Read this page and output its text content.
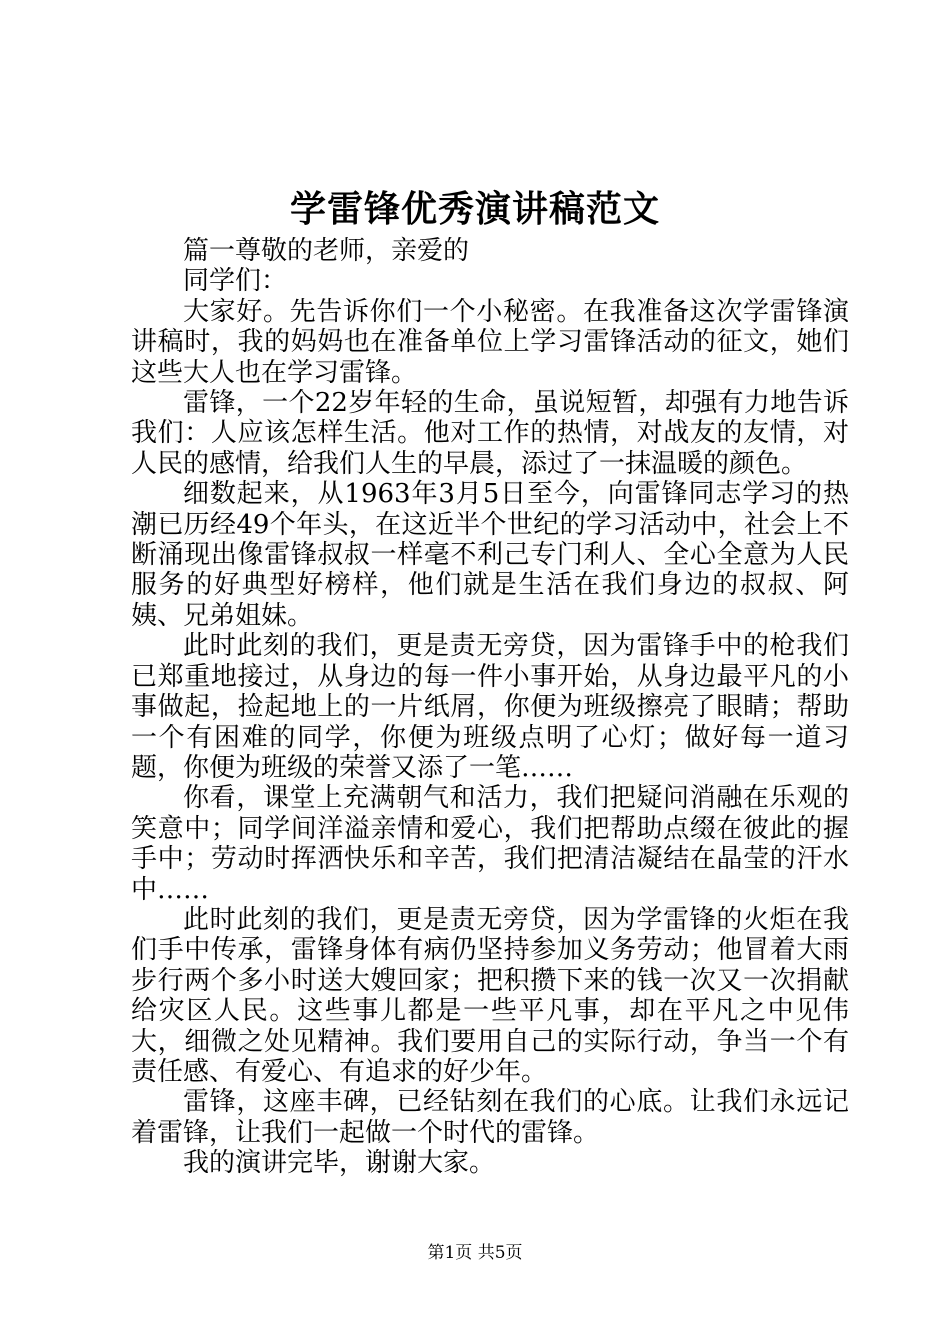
学雷锋优秀演讲稿范文

篇一尊敬的老师，亲爱的

同学们：

大家好。先告诉你们一个小秘密。在我准备这次学雷锋演讲稿时，我的妈妈也在准备单位上学习雷锋活动的征文，她们这些大人也在学习雷锋。

雷锋，一个22岁年轻的生命，虽说短暂，却强有力地告诉我们：人应该怎样生活。他对工作的热情，对战友的友情，对人民的感情，给我们人生的早晨，添过了一抹温暖的颜色。

细数起来，从1963年3月5日至今，向雷锋同志学习的热潮已历经49个年头，在这近半个世纪的学习活动中，社会上不断涌现出像雷锋叔叔一样毫不利己专门利人、全心全意为人民服务的好典型好榜样，他们就是生活在我们身边的叔叔、阿姨、兄弟姐妹。

此时此刻的我们，更是责无旁贷，因为雷锋手中的枪我们已郑重地接过，从身边的每一件小事开始，从身边最平凡的小事做起，捡起地上的一片纸屑，你便为班级擦亮了眼睛；帮助一个有困难的同学，你便为班级点明了心灯；做好每一道习题，你便为班级的荣誉又添了一笔……

你看，课堂上充满朝气和活力，我们把疑问消融在乐观的笑意中；同学间洋溢亲情和爱心，我们把帮助点缀在彼此的握手中；劳动时挥洒快乐和辛苦，我们把清洁凝结在晶莹的汗水中……

此时此刻的我们，更是责无旁贷，因为学雷锋的火炬在我们手中传承，雷锋身体有病仍坚持参加义务劳动；他冒着大雨步行两个多小时送大嫂回家；把积攒下来的钱一次又一次捐献给灾区人民。这些事儿都是一些平凡事，却在平凡之中见伟大，细微之处见精神。我们要用自己的实际行动，争当一个有责任感、有爱心、有追求的好少年。

雷锋，这座丰碑，已经钻刻在我们的心底。让我们永远记着雷锋，让我们一起做一个时代的雷锋。

我的演讲完毕，谢谢大家。

第1页 共5页
